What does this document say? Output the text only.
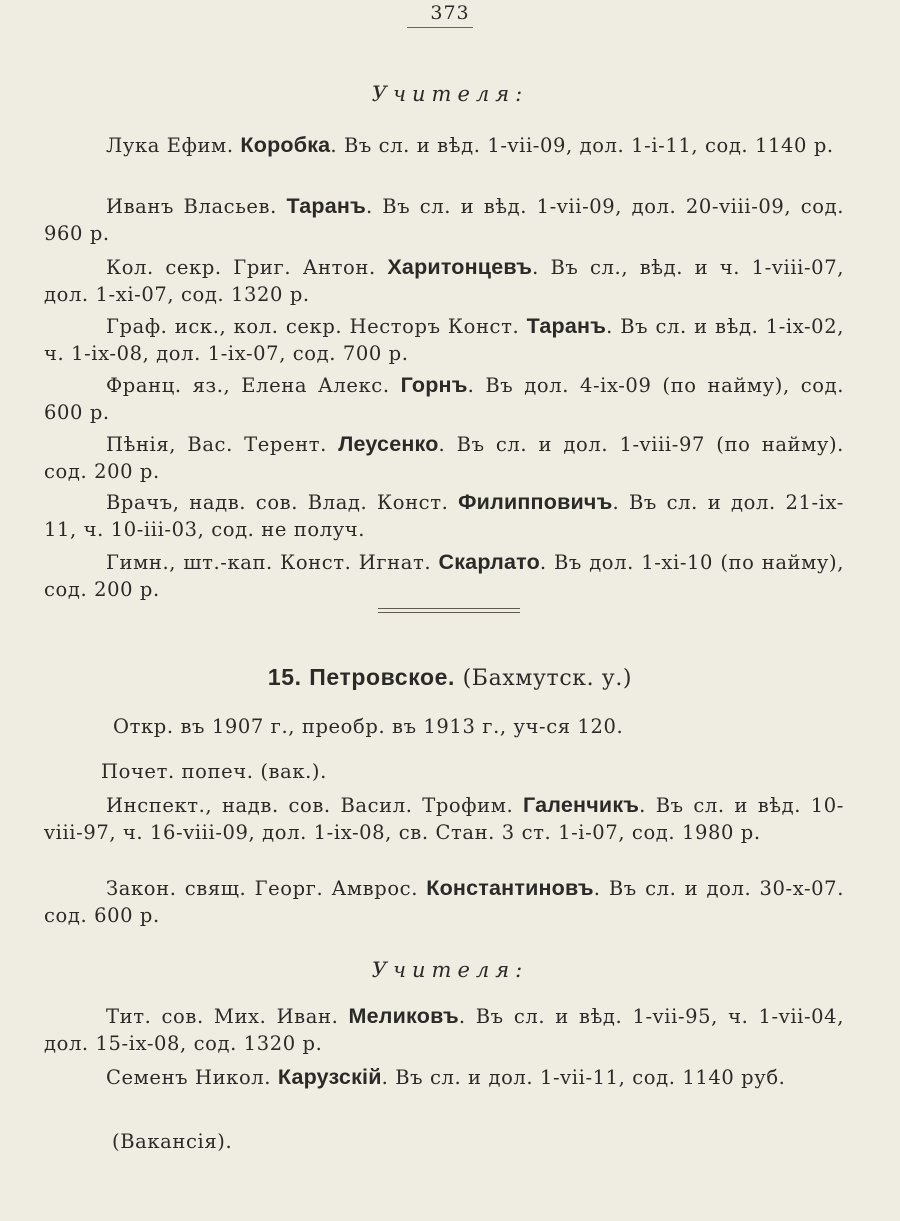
373
Учителя:
Лука Ефим. Коробка. Въ сл. и вѣд. 1-vii-09, дол. 1-i-11, сод. 1140 р.
Иванъ Власьев. Таранъ. Въ сл. и вѣд. 1-vii-09, дол. 20-viii-09, сод. 960 р.
Кол. секр. Григ. Антон. Харитонцевъ. Въ сл., вѣд. и ч. 1-viii-07, дол. 1-xi-07, сод. 1320 р.
Граф. иск., кол. секр. Несторъ Конст. Таранъ. Въ сл. и вѣд. 1-ix-02, ч. 1-ix-08, дол. 1-ix-07, сод. 700 р.
Франц. яз., Елена Алекс. Горнъ. Въ дол. 4-ix-09 (по найму), сод. 600 р.
Пѣнiя, Вас. Терент. Леусенко. Въ сл. и дол. 1-viii-97 (по найму). сод. 200 р.
Врачъ, надв. сов. Влад. Конст. Филипповичъ. Въ сл. и дол. 21-ix-11, ч. 10-iii-03, сод. не получ.
Гимн., шт.-кап. Конст. Игнат. Скарлато. Въ дол. 1-xi-10 (по найму), сод. 200 р.
15. Петровское. (Бахмутск. у.)
Откр. въ 1907 г., преобр. въ 1913 г., уч-ся 120.
Почет. попеч. (вак.).
Инспект., надв. сов. Васил. Трофим. Галенчикъ. Въ сл. и вѣд. 10-viii-97, ч. 16-viii-09, дол. 1-ix-08, св. Стан. 3 ст. 1-i-07, сод. 1980 р.
Закон. свящ. Георг. Амврос. Константиновъ. Въ сл. и дол. 30-x-07. сод. 600 р.
Учителя:
Тит. сов. Мих. Иван. Меликовъ. Въ сл. и вѣд. 1-vii-95, ч. 1-vii-04, дол. 15-ix-08, сод. 1320 р.
Семенъ Никол. Карузскiй. Въ сл. и дол. 1-vii-11, сод. 1140 руб.
(Вакансiя).
